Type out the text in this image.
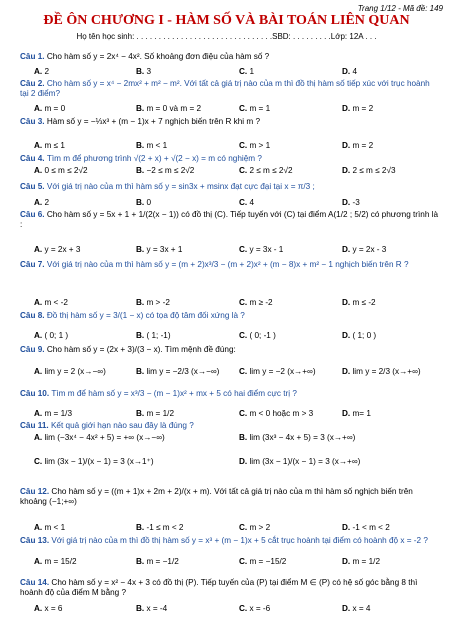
Trang 1/12 - Mã đề: 149
ĐỀ ÔN CHƯƠNG I - HÀM SỐ VÀ BÀI TOÁN LIÊN QUAN
Họ tên học sinh: . . . . . . . . . . . . . . . . . . . . . . . . . . . . . . .SBD: . . . . . . . . .Lớp: 12A . . .
Câu 1. Cho hàm số y = 2x⁴ − 4x². Số khoảng đơn điệu của hàm số ?
A. 2	B. 3	C. 1	D. 4
Câu 2. Cho hàm số y = x⁴ − 2mx² + m² − m². Với tất cả giá trị nào của m thì đồ thị hàm số tiếp xúc với trục hoành tại 2 điểm?
A. m = 0	B. m = 0 và m = 2	C. m = 1	D. m = 2
Câu 3. Hàm số y = −⅓x³ + (m − 1)x + 7 nghịch biến trên R khi m ?
A. m ≤ 1	B. m < 1	C. m > 1	D. m = 2
Câu 4. Tìm m để phương trình √(2 + x) + √(2 − x) = m có nghiệm ?
A. 0 ≤ m ≤ 2√2	B. −2 ≤ m ≤ 2√2	C. 2 ≤ m ≤ 2√2	D. 2 ≤ m ≤ 2√3
Câu 5. Với giá trị nào của m thì hàm số y = sin3x + msinx đạt cực đại tại x = π/3 ;
A. 2	B. 0	C. 4	D. -3
Câu 6. Cho hàm số y = 5x + 1 + 1/(2(x − 1)) có đồ thị (C). Tiếp tuyến với (C) tại điểm A(1/2 ; 5/2) có phương trình là :
A. y = 2x + 3	B. y = 3x + 1	C. y = 3x - 1	D. y = 2x - 3
Câu 7. Với giá trị nào của m thì hàm số y = (m + 2)x³/3 − (m + 2)x² + (m − 8)x + m² − 1 nghịch biến trên R ?
A. m < -2	B. m > -2	C. m ≥ -2	D. m ≤ -2
Câu 8. Đồ thị hàm số y = 3/(1 − x) có tọa độ tâm đối xứng là ?
A. ( 0; 1 )	B. ( 1; -1)	C. ( 0; -1 )	D. ( 1; 0 )
Câu 9. Cho hàm số y = (2x + 3)/(3 − x). Tìm mệnh đề đúng:
A. lim y = 2 (x→−∞)	B. lim y = −2/3 (x→−∞)	C. lim y = −2 (x→+∞)	D. lim y = 2/3 (x→+∞)
Câu 10. Tìm m để hàm số y = x³/3 − (m − 1)x² + mx + 5 có hai điểm cực trị ?
A. m = 1/3	B. m = 1/2	C. m < 0 hoặc m > 3	D. m= 1
Câu 11. Kết quả giới hạn nào sau đây là đúng ?
A. lim (−3x⁴ − 4x² + 5) = +∞ (x→−∞)	B. lim (3x³ − 4x + 5) = 3 (x→+∞)
C. lim (3x − 1)/(x − 1) = 3 (x→1⁺)	D. lim (3x − 1)/(x − 1) = 3 (x→+∞)
Câu 12. Cho hàm số y = ((m + 1)x + 2m + 2)/(x + m). Với tất cả giá trị nào của m thì hàm số nghịch biến trên khoảng (−1;+∞)
A. m < 1	B. -1 ≤ m < 2	C. m > 2	D. -1 < m < 2
Câu 13. Với giá trị nào của m thì đồ thị hàm số y = x³ + (m − 1)x + 5 cắt trục hoành tại điểm có hoành độ x = -2 ?
A. m = 15/2	B. m = −1/2	C. m = −15/2	D. m = 1/2
Câu 14. Cho hàm số y = x² − 4x + 3 có đồ thị (P). Tiếp tuyến của (P) tại điểm M ∈ (P) có hệ số góc bằng 8 thì hoành độ của điểm M bằng ?
A. x = 6	B. x = -4	C. x = -6	D. x = 4
